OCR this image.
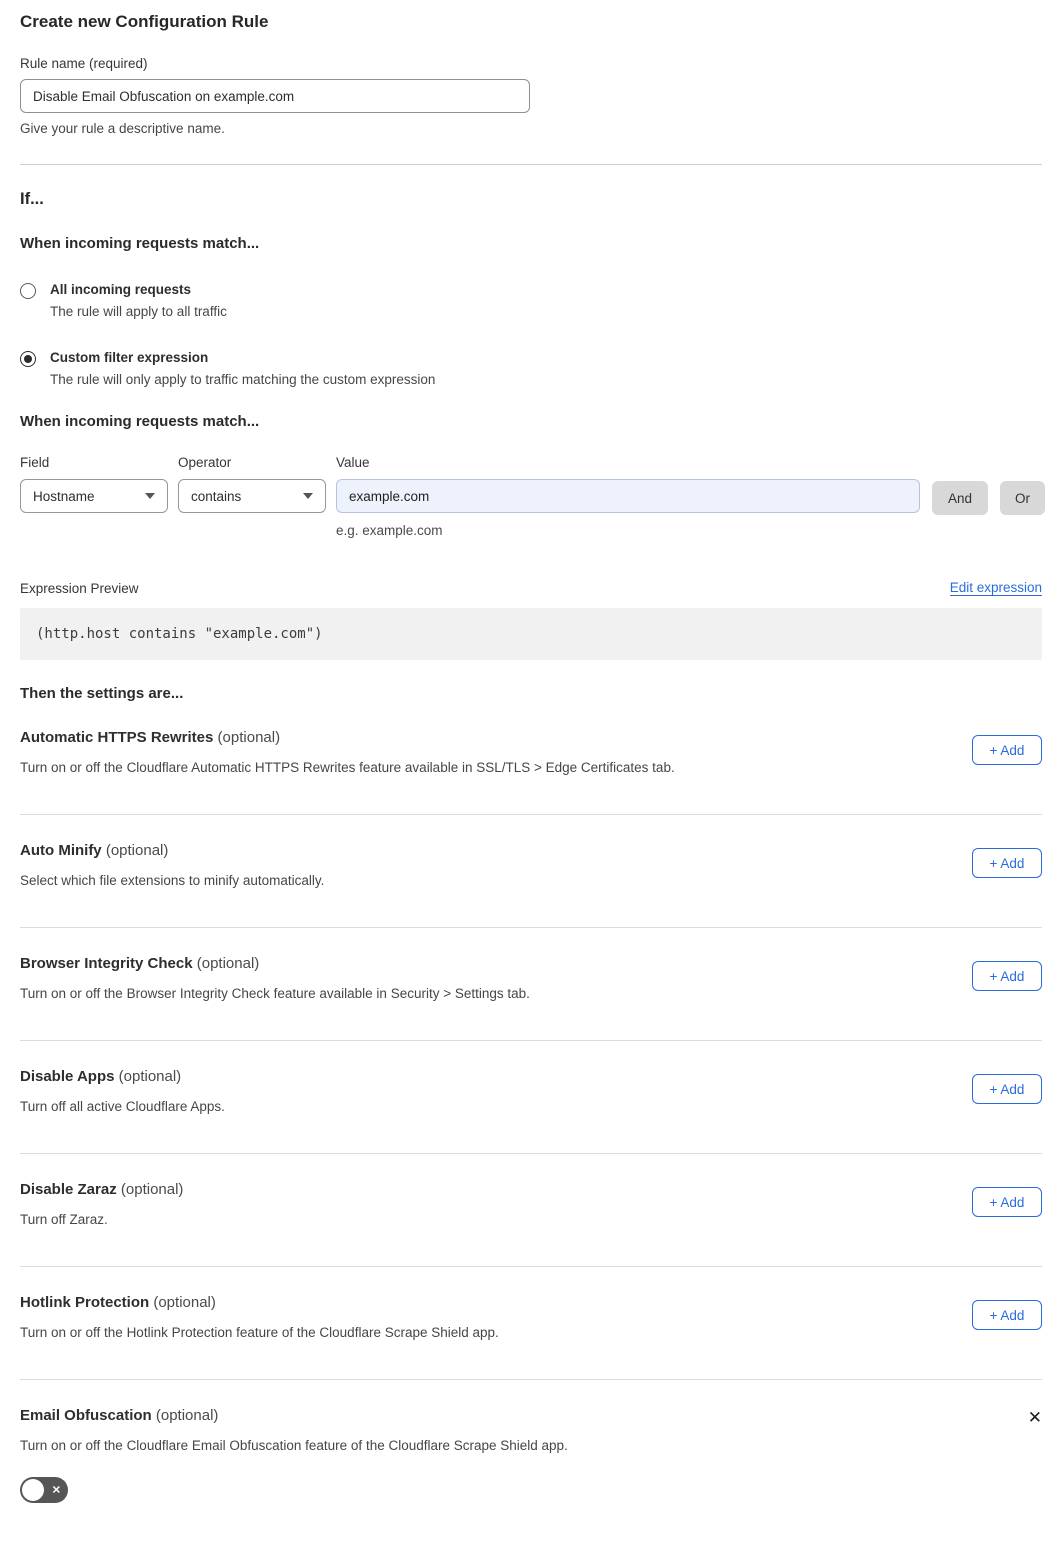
Create new Configuration Rule
Rule name (required)
Disable Email Obfuscation on example.com
Give your rule a descriptive name.
If...
When incoming requests match...
All incoming requests
The rule will apply to all traffic
Custom filter expression
The rule will only apply to traffic matching the custom expression
When incoming requests match...
Field
Hostname
Operator
contains
Value
example.com
e.g. example.com
And	Or
Expression Preview	Edit expression
(http.host contains "example.com")
Then the settings are...
Automatic HTTPS Rewrites (optional)
Turn on or off the Cloudflare Automatic HTTPS Rewrites feature available in SSL/TLS > Edge Certificates tab.
+ Add
Auto Minify (optional)
Select which file extensions to minify automatically.
+ Add
Browser Integrity Check (optional)
Turn on or off the Browser Integrity Check feature available in Security > Settings tab.
+ Add
Disable Apps (optional)
Turn off all active Cloudflare Apps.
+ Add
Disable Zaraz (optional)
Turn off Zaraz.
+ Add
Hotlink Protection (optional)
Turn on or off the Hotlink Protection feature of the Cloudflare Scrape Shield app.
+ Add
Email Obfuscation (optional)
Turn on or off the Cloudflare Email Obfuscation feature of the Cloudflare Scrape Shield app.
✕
✕
